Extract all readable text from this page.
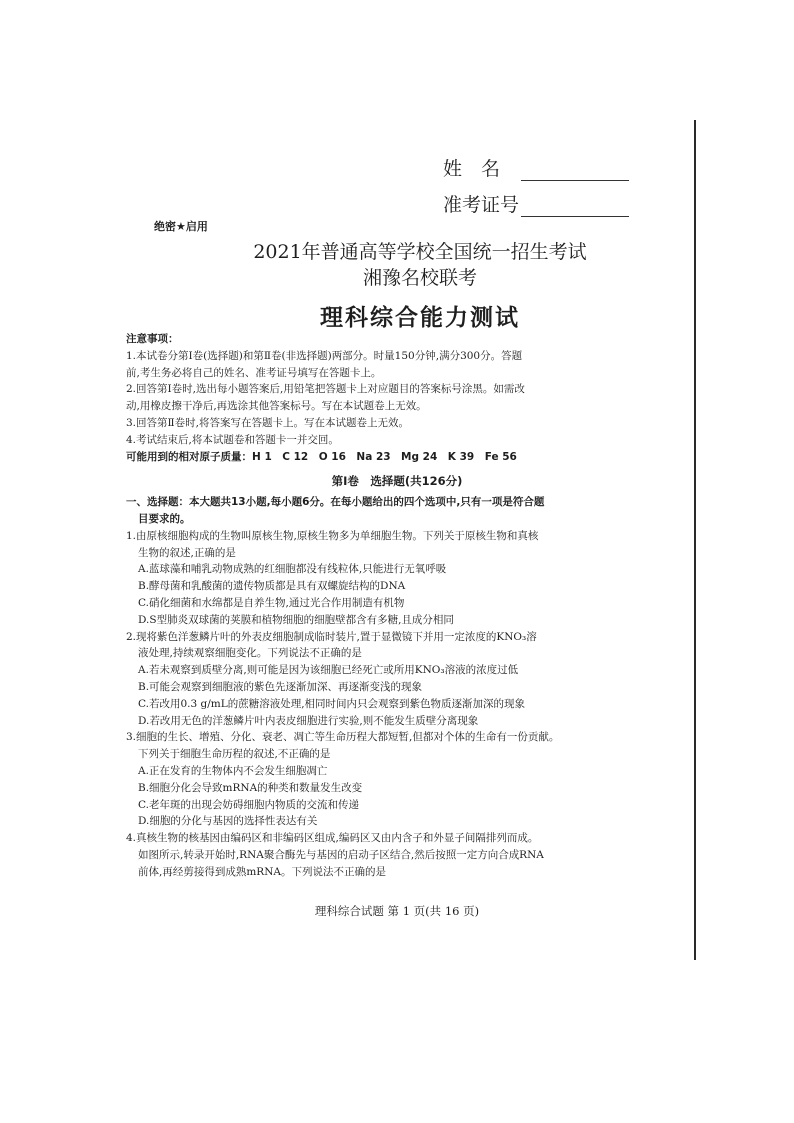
姓　名
准考证号
绝密★启用
2021年普通高等学校全国统一招生考试
湘豫名校联考
理科综合能力测试

注意事项：

1.本试卷分第Ⅰ卷(选择题)和第Ⅱ卷(非选择题)两部分。时量150分钟,满分300分。答题

前,考生务必将自己的姓名、准考证号填写在答题卡上。

2.回答第Ⅰ卷时,选出每小题答案后,用铅笔把答题卡上对应题目的答案标号涂黑。如需改

动,用橡皮擦干净后,再选涂其他答案标号。写在本试题卷上无效。

3.回答第Ⅱ卷时,将答案写在答题卡上。写在本试题卷上无效。

4.考试结束后,将本试题卷和答题卡一并交回。

可能用到的相对原子质量：H 1　C 12　O 16　Na 23　Mg 24　K 39　Fe 56

第Ⅰ卷　选择题(共126分)

一、选择题：本大题共13小题,每小题6分。在每小题给出的四个选项中,只有一项是符合题

目要求的。

1.由原核细胞构成的生物叫原核生物,原核生物多为单细胞生物。下列关于原核生物和真核

生物的叙述,正确的是

A.蓝球藻和哺乳动物成熟的红细胞都没有线粒体,只能进行无氧呼吸

B.酵母菌和乳酸菌的遗传物质都是具有双螺旋结构的DNA

C.硝化细菌和水绵都是自养生物,通过光合作用制造有机物

D.S型肺炎双球菌的荚膜和植物细胞的细胞壁都含有多糖,且成分相同

2.现将紫色洋葱鳞片叶的外表皮细胞制成临时装片,置于显微镜下并用一定浓度的KNO₃溶

液处理,持续观察细胞变化。下列说法不正确的是

A.若未观察到质壁分离,则可能是因为该细胞已经死亡或所用KNO₃溶液的浓度过低

B.可能会观察到细胞液的紫色先逐渐加深、再逐渐变浅的现象

C.若改用0.3 g/mL的蔗糖溶液处理,相同时间内只会观察到紫色物质逐渐加深的现象

D.若改用无色的洋葱鳞片叶内表皮细胞进行实验,则不能发生质壁分离现象

3.细胞的生长、增殖、分化、衰老、凋亡等生命历程大都短暂,但都对个体的生命有一份贡献。

下列关于细胞生命历程的叙述,不正确的是

A.正在发育的生物体内不会发生细胞凋亡

B.细胞分化会导致mRNA的种类和数量发生改变

C.老年斑的出现会妨碍细胞内物质的交流和传递

D.细胞的分化与基因的选择性表达有关

4.真核生物的核基因由编码区和非编码区组成,编码区又由内含子和外显子间隔排列而成。

如图所示,转录开始时,RNA聚合酶先与基因的启动子区结合,然后按照一定方向合成RNA

前体,再经剪接得到成熟mRNA。下列说法不正确的是

理科综合试题 第 1 页(共 16 页)
